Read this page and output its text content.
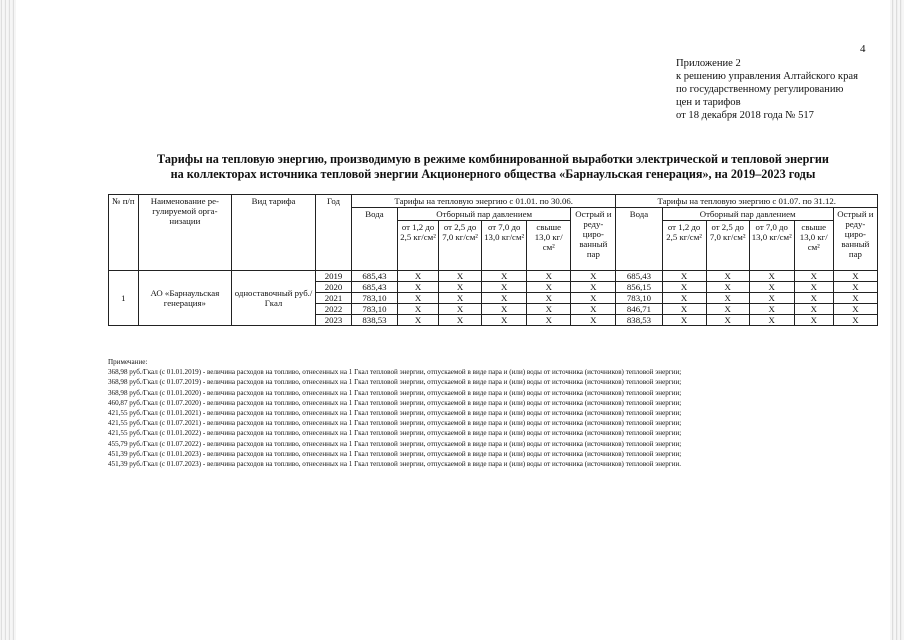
4
Приложение 2
к решению управления Алтайского края
по государственному регулированию
цен и тарифов
от 18 декабря 2018 года № 517
Тарифы на тепловую энергию, производимую в режиме комбинированной выработки электрической и тепловой энергии
на коллекторах источника тепловой энергии Акционерного общества «Барнаульская генерация», на 2019–2023 годы
№ п/п	Наименование ре- гулируемой орга- низации	Вид тарифа	Год	Тарифы на тепловую энергию с 01.01. по 30.06.						Тарифы на тепловую энергию с 01.07. по 31.12.					
				Вода	Отборный пар давлением				Острый и реду- циро- ванный пар	Вода	Отборный пар давлением				Острый и реду- циро- ванный пар
					от 1,2 до 2,5 кг/см²	от 2,5 до 7,0 кг/см²	от 7,0 до 13,0 кг/см²	свыше 13,0 кг/см²			от 1,2 до 2,5 кг/см²	от 2,5 до 7,0 кг/см²	от 7,0 до 13,0 кг/см²	свыше 13,0 кг/см²	
1	АО «Барнаульская генерация»	одноставочный руб./Гкал	2019	685,43	X	X	X	X	X	685,43	X	X	X	X	X
			2020	685,43	X	X	X	X	X	856,15	X	X	X	X	X
			2021	783,10	X	X	X	X	X	783,10	X	X	X	X	X
			2022	783,10	X	X	X	X	X	846,71	X	X	X	X	X
			2023	838,53	X	X	X	X	X	838,53	X	X	X	X	X
Примечание:
368,98 руб./Гкал (с 01.01.2019) - величина расходов на топливо, отнесенных на 1 Гкал тепловой энергии, отпускаемой в виде пара и (или) воды от источника (источников) тепловой энергии;
368,98 руб./Гкал (с 01.07.2019) - величина расходов на топливо, отнесенных на 1 Гкал тепловой энергии, отпускаемой в виде пара и (или) воды от источника (источников) тепловой энергии;
368,98 руб./Гкал (с 01.01.2020) - величина расходов на топливо, отнесенных на 1 Гкал тепловой энергии, отпускаемой в виде пара и (или) воды от источника (источников) тепловой энергии;
460,87 руб./Гкал (с 01.07.2020) - величина расходов на топливо, отнесенных на 1 Гкал тепловой энергии, отпускаемой в виде пара и (или) воды от источника (источников) тепловой энергии;
421,55 руб./Гкал (с 01.01.2021) - величина расходов на топливо, отнесенных на 1 Гкал тепловой энергии, отпускаемой в виде пара и (или) воды от источника (источников) тепловой энергии;
421,55 руб./Гкал (с 01.07.2021) - величина расходов на топливо, отнесенных на 1 Гкал тепловой энергии, отпускаемой в виде пара и (или) воды от источника (источников) тепловой энергии;
421,55 руб./Гкал (с 01.01.2022) - величина расходов на топливо, отнесенных на 1 Гкал тепловой энергии, отпускаемой в виде пара и (или) воды от источника (источников) тепловой энергии;
455,79 руб./Гкал (с 01.07.2022) - величина расходов на топливо, отнесенных на 1 Гкал тепловой энергии, отпускаемой в виде пара и (или) воды от источника (источников) тепловой энергии;
451,39 руб./Гкал (с 01.01.2023) - величина расходов на топливо, отнесенных на 1 Гкал тепловой энергии, отпускаемой в виде пара и (или) воды от источника (источников) тепловой энергии;
451,39 руб./Гкал (с 01.07.2023) - величина расходов на топливо, отнесенных на 1 Гкал тепловой энергии, отпускаемой в виде пара и (или) воды от источника (источников) тепловой энергии.
